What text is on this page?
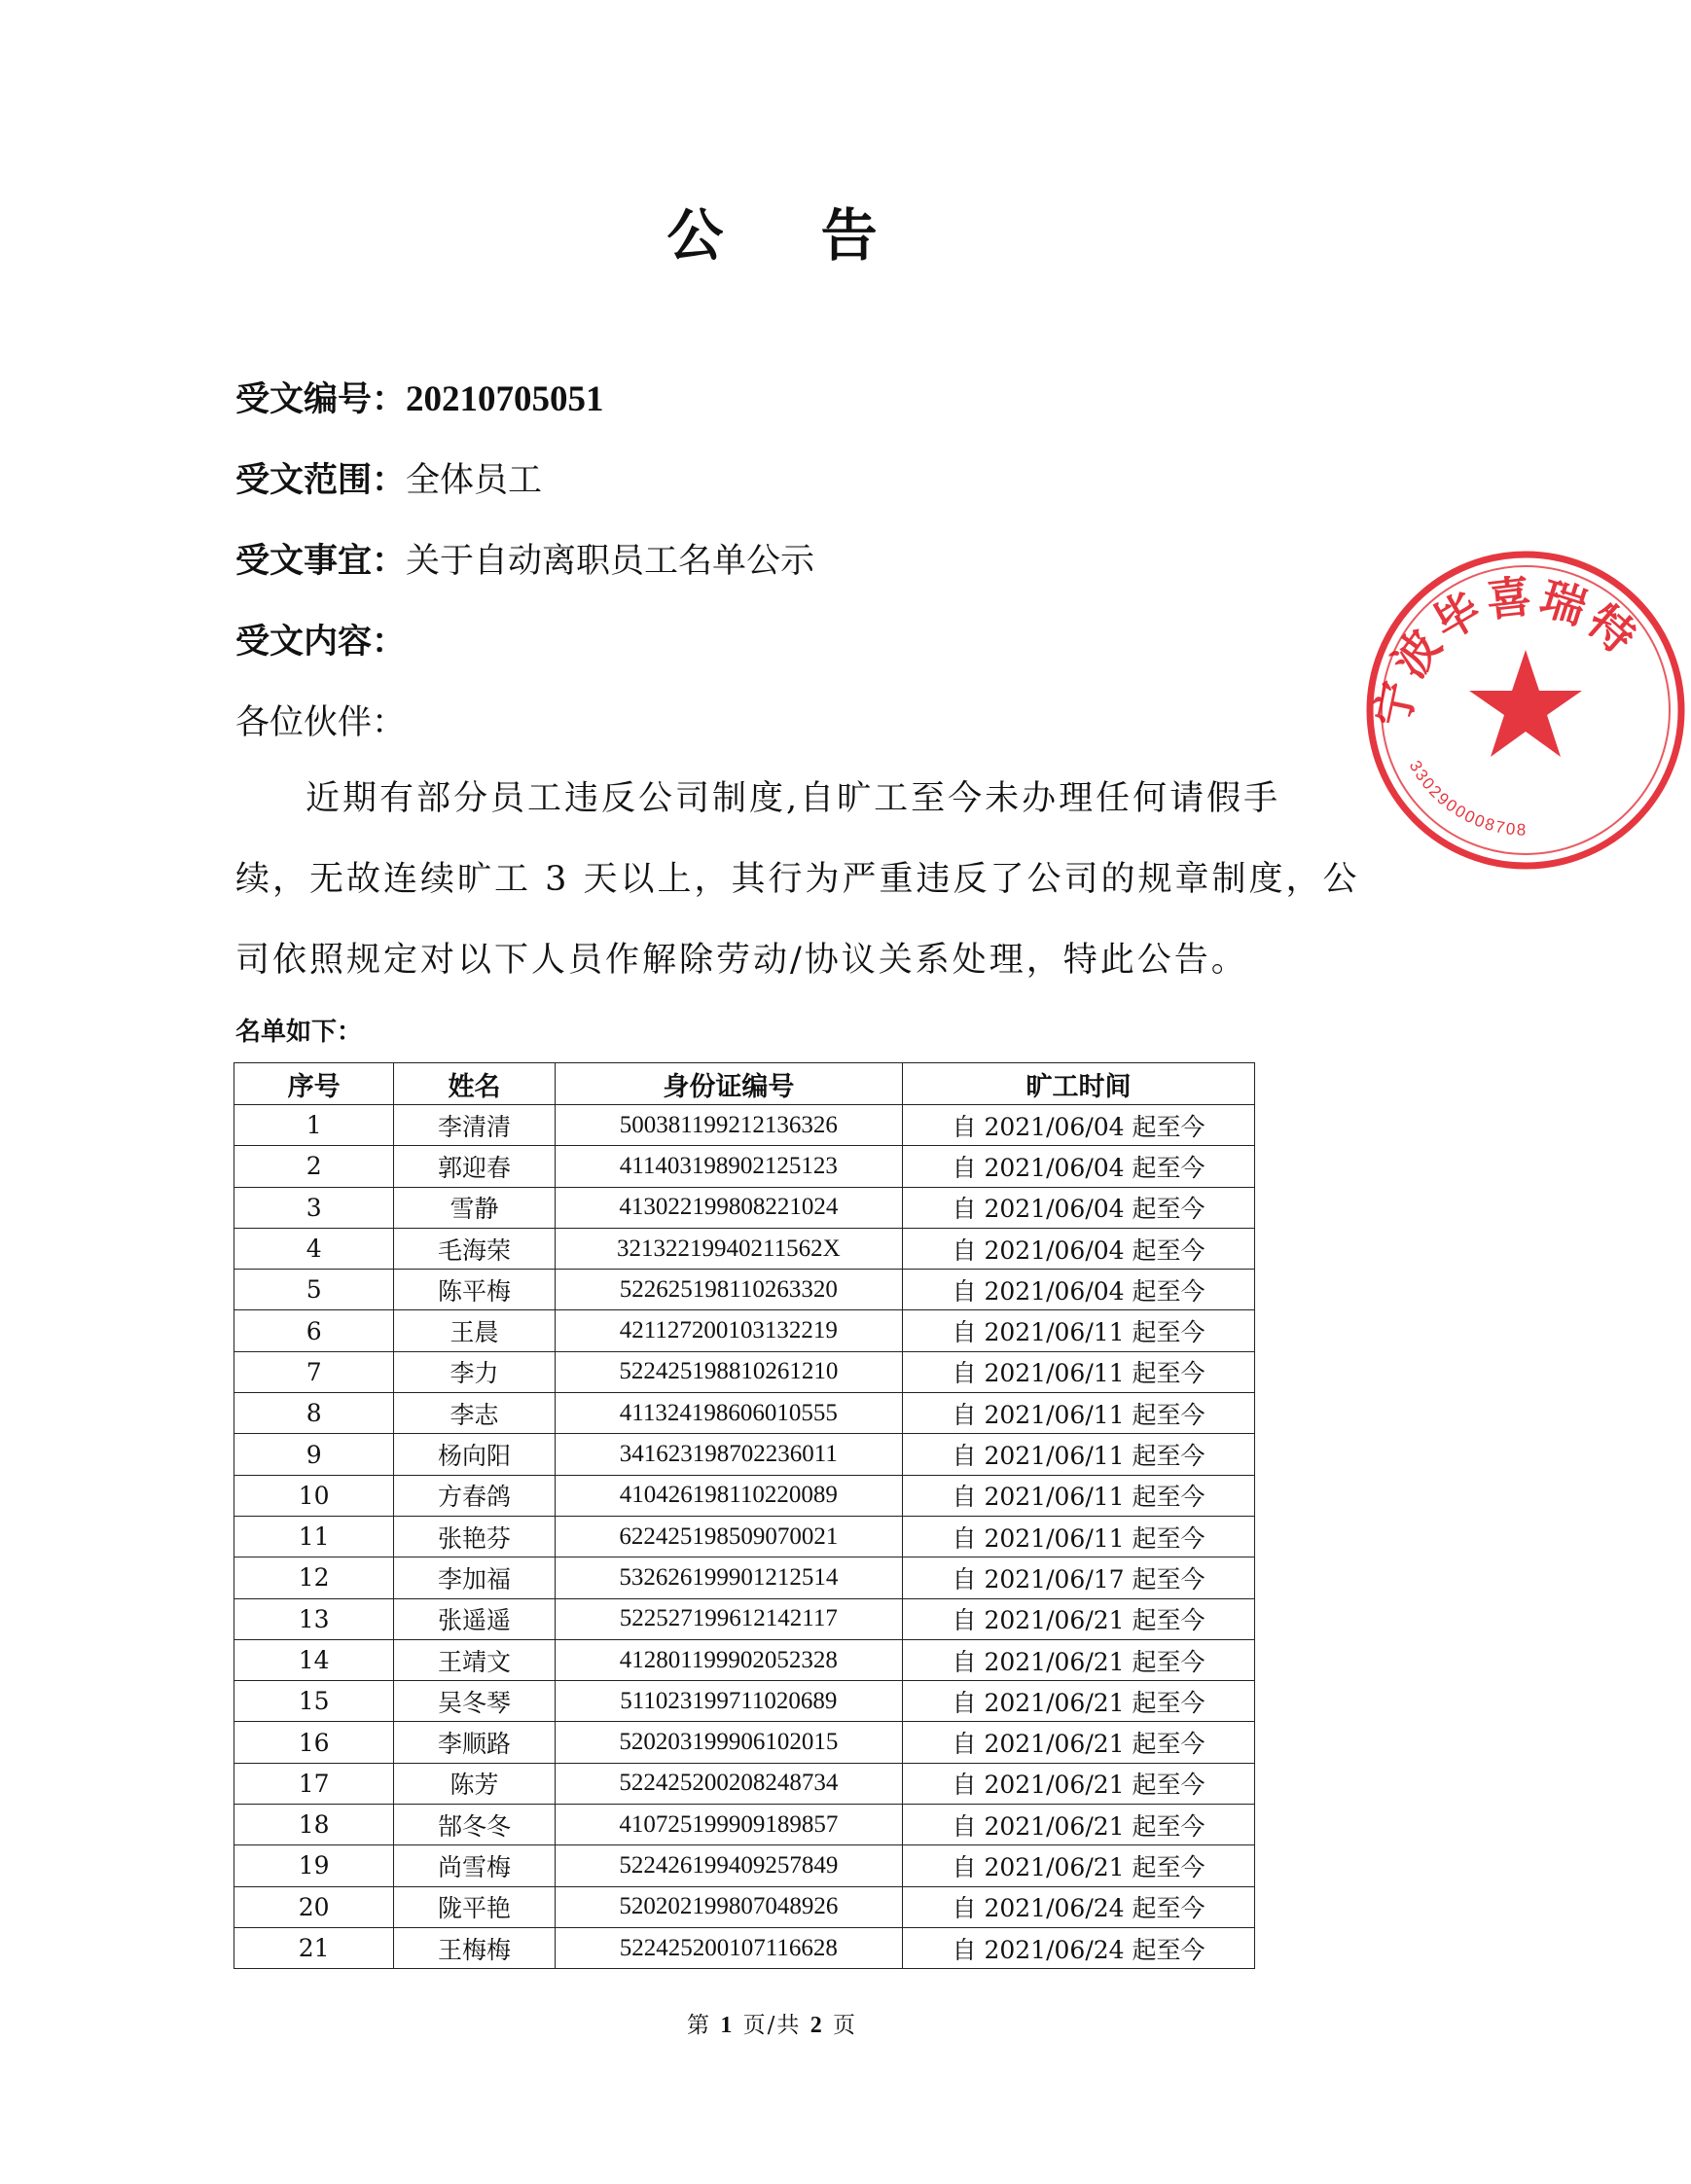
公 告
受文编号：20210705051
受文范围：全体员工
受文事宜：关于自动离职员工名单公示
受文内容：
各位伙伴：
近期有部分员工违反公司制度,自旷工至今未办理任何请假手
续，无故连续旷工 3 天以上，其行为严重违反了公司的规章制度，公
司依照规定对以下人员作解除劳动/协议关系处理，特此公告。
名单如下：
序号	姓名	身份证编号	旷工时间
1	李清清	500381199212136326	自 2021/06/04 起至今
2	郭迎春	411403198902125123	自 2021/06/04 起至今
3	雪静	413022199808221024	自 2021/06/04 起至今
4	毛海荣	32132219940211562X	自 2021/06/04 起至今
5	陈平梅	522625198110263320	自 2021/06/04 起至今
6	王晨	421127200103132219	自 2021/06/11 起至今
7	李力	522425198810261210	自 2021/06/11 起至今
8	李志	411324198606010555	自 2021/06/11 起至今
9	杨向阳	341623198702236011	自 2021/06/11 起至今
10	方春鸽	410426198110220089	自 2021/06/11 起至今
11	张艳芬	622425198509070021	自 2021/06/11 起至今
12	李加福	532626199901212514	自 2021/06/17 起至今
13	张遥遥	522527199612142117	自 2021/06/21 起至今
14	王靖文	412801199902052328	自 2021/06/21 起至今
15	吴冬琴	511023199711020689	自 2021/06/21 起至今
16	李顺路	520203199906102015	自 2021/06/21 起至今
17	陈芳	522425200208248734	自 2021/06/21 起至今
18	郜冬冬	410725199909189857	自 2021/06/21 起至今
19	尚雪梅	522426199409257849	自 2021/06/21 起至今
20	陇平艳	520202199807048926	自 2021/06/24 起至今
21	王梅梅	522425200107116628	自 2021/06/24 起至今
第 1 页/共 2 页
宁波毕喜瑞特
3302900008708
